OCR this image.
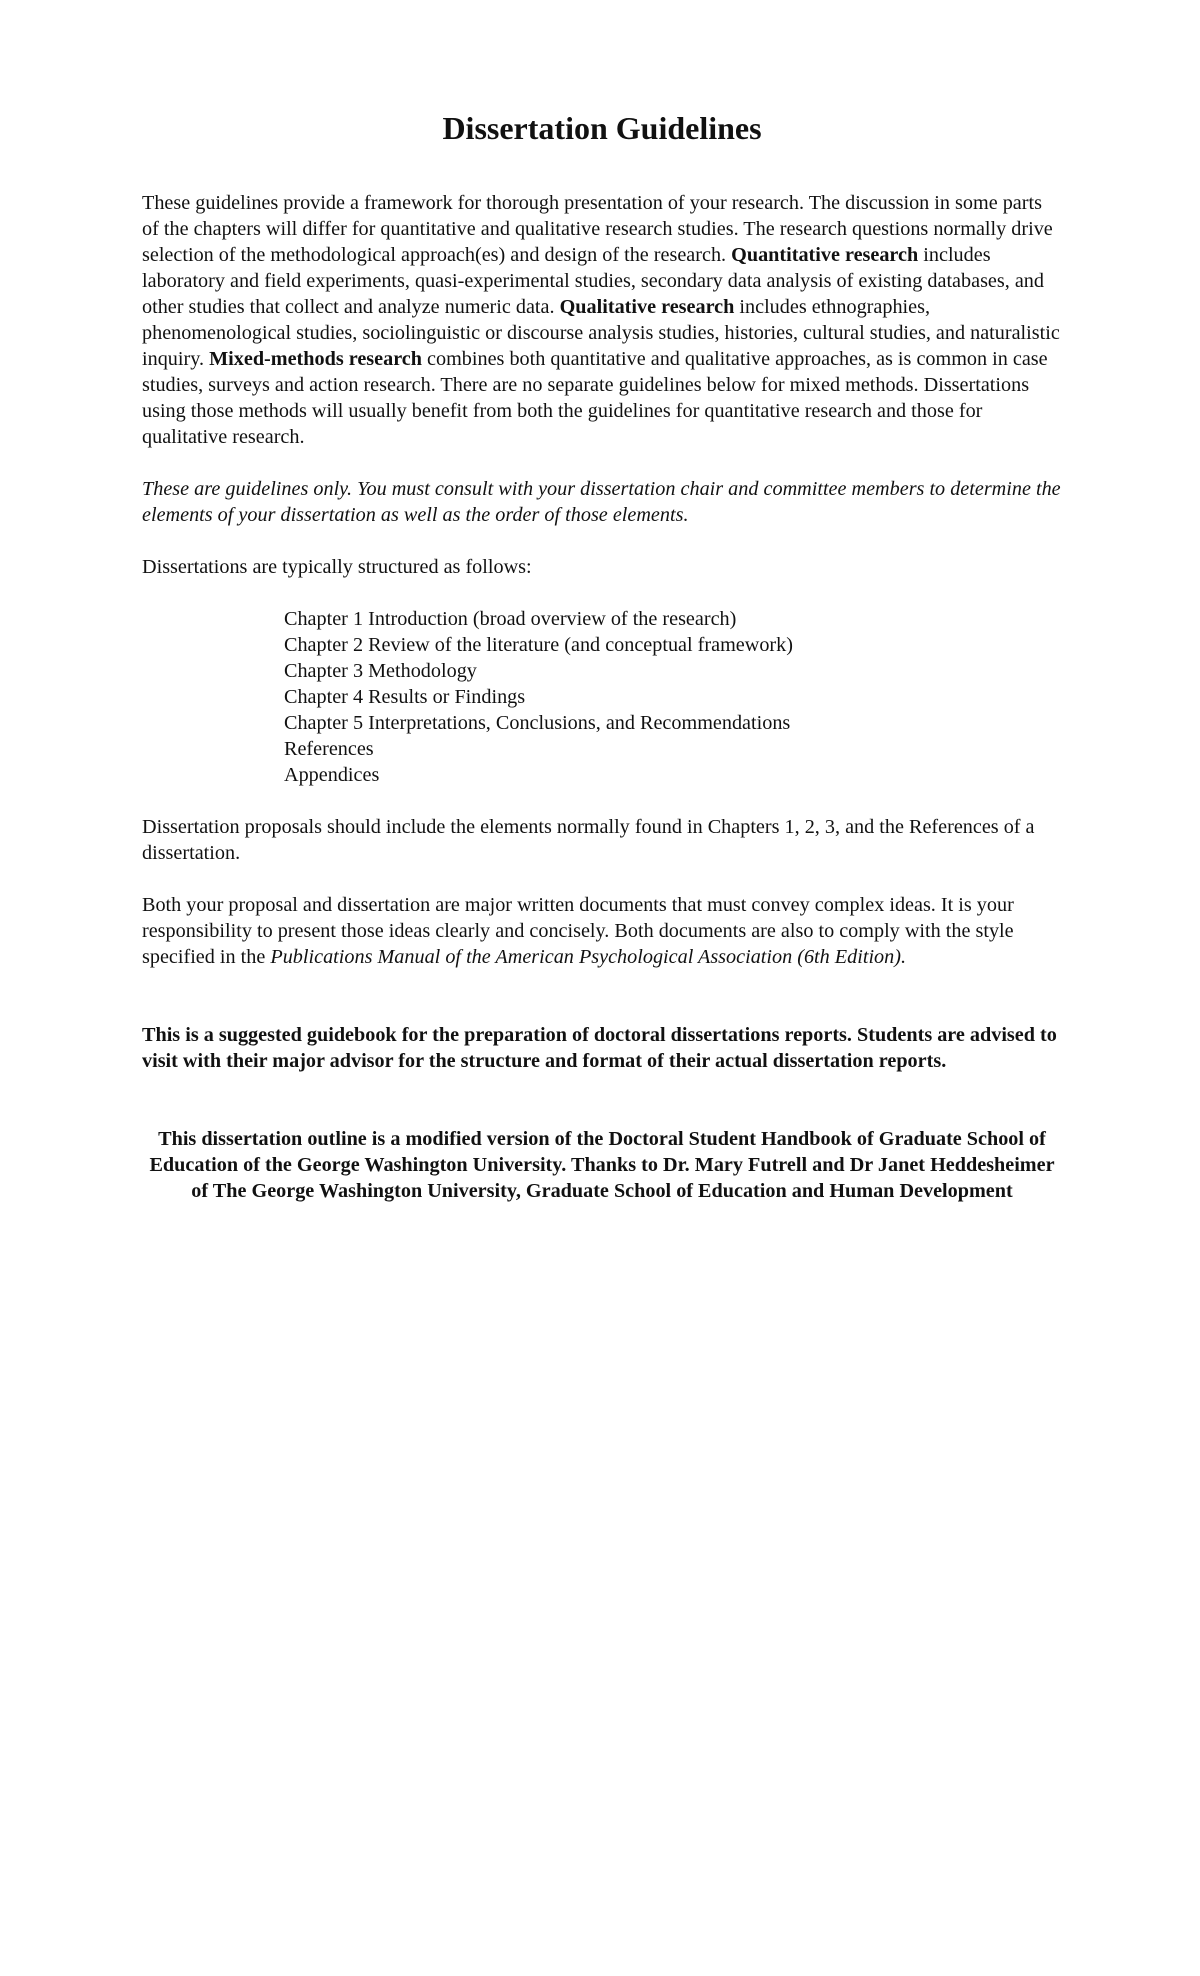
Dissertation Guidelines

These guidelines provide a framework for thorough presentation of your research. The discussion in some parts of the chapters will differ for quantitative and qualitative research studies. The research questions normally drive selection of the methodological approach(es) and design of the research. Quantitative research includes laboratory and field experiments, quasi-experimental studies, secondary data analysis of existing databases, and other studies that collect and analyze numeric data. Qualitative research includes ethnographies, phenomenological studies, sociolinguistic or discourse analysis studies, histories, cultural studies, and naturalistic inquiry. Mixed-methods research combines both quantitative and qualitative approaches, as is common in case studies, surveys and action research. There are no separate guidelines below for mixed methods. Dissertations using those methods will usually benefit from both the guidelines for quantitative research and those for qualitative research.

These are guidelines only. You must consult with your dissertation chair and committee members to determine the elements of your dissertation as well as the order of those elements.

Dissertations are typically structured as follows:

Chapter 1 Introduction (broad overview of the research)
Chapter 2 Review of the literature (and conceptual framework)
Chapter 3 Methodology
Chapter 4 Results or Findings
Chapter 5 Interpretations, Conclusions, and Recommendations
References
Appendices

Dissertation proposals should include the elements normally found in Chapters 1, 2, 3, and the References of a dissertation.

Both your proposal and dissertation are major written documents that must convey complex ideas. It is your responsibility to present those ideas clearly and concisely. Both documents are also to comply with the style specified in the Publications Manual of the American Psychological Association (6th Edition).

This is a suggested guidebook for the preparation of doctoral dissertations reports. Students are advised to visit with their major advisor for the structure and format of their actual dissertation reports.

This dissertation outline is a modified version of the Doctoral Student Handbook of Graduate School of Education of the George Washington University. Thanks to Dr. Mary Futrell and Dr Janet Heddesheimer of The George Washington University, Graduate School of Education and Human Development
